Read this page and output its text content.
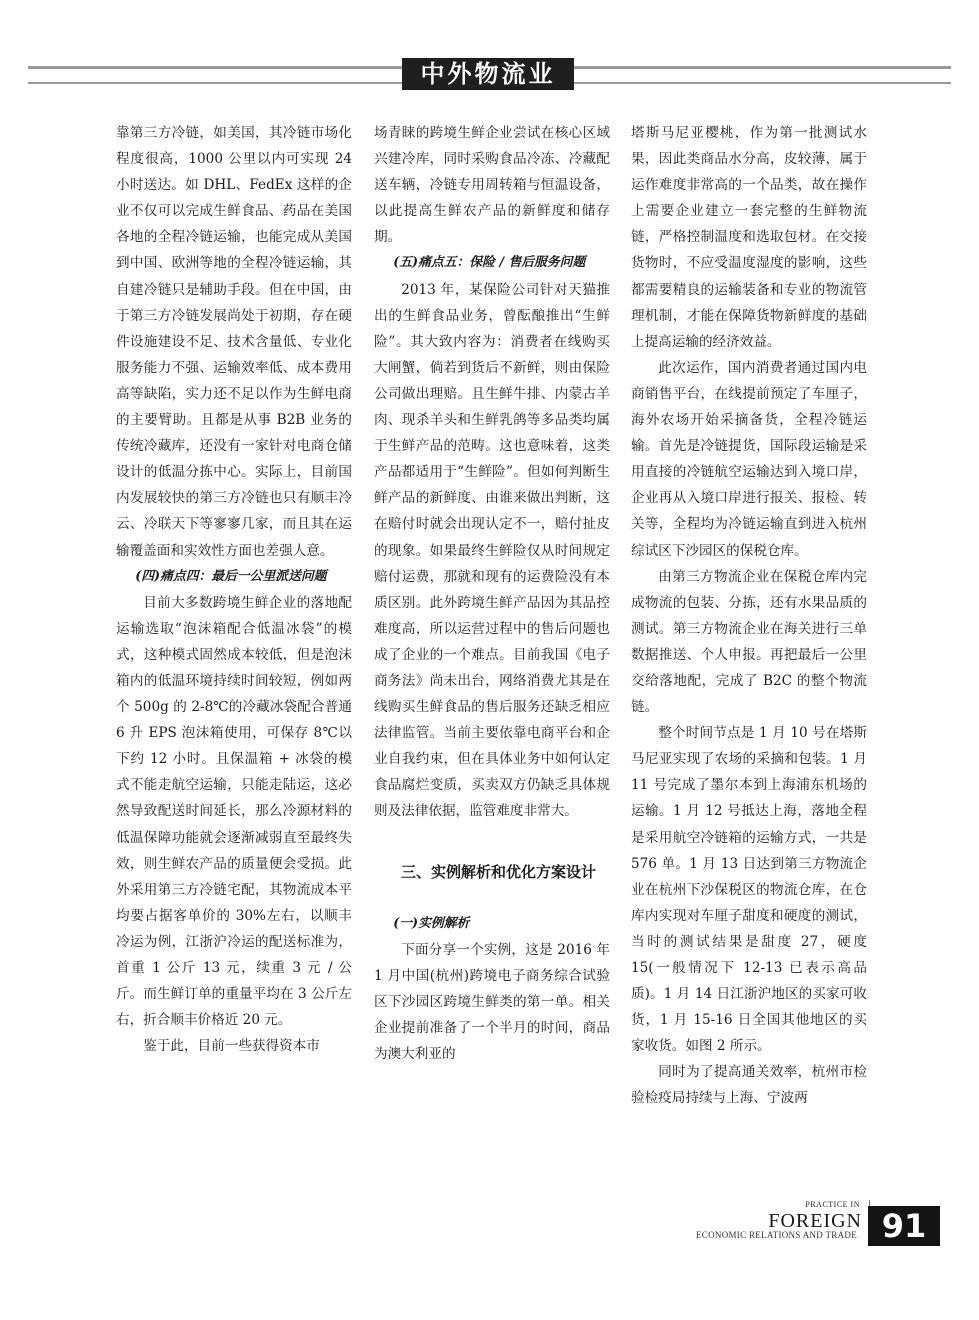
中外物流业

靠第三方冷链，如美国，其冷链市场化程度很高，1000 公里以内可实现 24 小时送达。如 DHL、FedEx 这样的企业不仅可以完成生鲜食品、药品在美国各地的全程冷链运输，也能完成从美国到中国、欧洲等地的全程冷链运输，其自建冷链只是辅助手段。但在中国，由于第三方冷链发展尚处于初期，存在硬件设施建设不足、技术含量低、专业化服务能力不强、运输效率低、成本费用高等缺陷，实力还不足以作为生鲜电商的主要臂助。且都是从事 B2B 业务的传统冷藏库，还没有一家针对电商仓储设计的低温分拣中心。实际上，目前国内发展较快的第三方冷链也只有顺丰冷云、冷联天下等寥寥几家，而且其在运输覆盖面和实效性方面也差强人意。

(四)痛点四：最后一公里派送问题

目前大多数跨境生鲜企业的落地配运输选取“泡沫箱配合低温冰袋”的模式，这种模式固然成本较低，但是泡沫箱内的低温环境持续时间较短，例如两个 500g 的 2-8℃的冷藏冰袋配合普通 6 升 EPS 泡沫箱使用，可保存 8℃以下约 12 小时。且保温箱 + 冰袋的模式不能走航空运输，只能走陆运，这必然导致配送时间延长，那么冷源材料的低温保障功能就会逐渐减弱直至最终失效，则生鲜农产品的质量便会受损。此外采用第三方冷链宅配，其物流成本平均要占据客单价的 30%左右，以顺丰冷运为例，江浙沪冷运的配送标准为，首重 1 公斤 13 元，续重 3 元 / 公斤。而生鲜订单的重量平均在 3 公斤左右，折合顺丰价格近 20 元。

鉴于此，目前一些获得资本市

场青睐的跨境生鲜企业尝试在核心区域兴建冷库，同时采购食品冷冻、冷藏配送车辆，冷链专用周转箱与恒温设备，以此提高生鲜农产品的新鲜度和储存期。

(五)痛点五：保险 / 售后服务问题

2013 年，某保险公司针对天猫推出的生鲜食品业务，曾酝酿推出“生鲜险”。其大致内容为：消费者在线购买大闸蟹，倘若到货后不新鲜，则由保险公司做出理赔。且生鲜牛排、内蒙古羊肉、现杀羊头和生鲜乳鸽等多品类均属于生鲜产品的范畴。这也意味着，这类产品都适用于“生鲜险”。但如何判断生鲜产品的新鲜度、由谁来做出判断，这在赔付时就会出现认定不一，赔付扯皮的现象。如果最终生鲜险仅从时间规定赔付运费，那就和现有的运费险没有本质区别。此外跨境生鲜产品因为其品控难度高，所以运营过程中的售后问题也成了企业的一个难点。目前我国《电子商务法》尚未出台，网络消费尤其是在线购买生鲜食品的售后服务还缺乏相应法律监管。当前主要依靠电商平台和企业自我约束，但在具体业务中如何认定食品腐烂变质，买卖双方仍缺乏具体规则及法律依据，监管难度非常大。

三、实例解析和优化方案设计

(一)实例解析

下面分享一个实例，这是 2016 年 1 月中国(杭州)跨境电子商务综合试验区下沙园区跨境生鲜类的第一单。相关企业提前准备了一个半月的时间，商品为澳大利亚的

塔斯马尼亚樱桃，作为第一批测试水果，因此类商品水分高，皮较薄，属于运作难度非常高的一个品类，故在操作上需要企业建立一套完整的生鲜物流链，严格控制温度和选取包材。在交接货物时，不应受温度湿度的影响，这些都需要精良的运输装备和专业的物流管理机制，才能在保障货物新鲜度的基础上提高运输的经济效益。

此次运作，国内消费者通过国内电商销售平台，在线提前预定了车厘子，海外农场开始采摘备货，全程冷链运输。首先是冷链提货，国际段运输是采用直接的冷链航空运输达到入境口岸，企业再从入境口岸进行报关、报检、转关等，全程均为冷链运输直到进入杭州综试区下沙园区的保税仓库。

由第三方物流企业在保税仓库内完成物流的包装、分拣，还有水果品质的测试。第三方物流企业在海关进行三单数据推送、个人申报。再把最后一公里交给落地配，完成了 B2C 的整个物流链。

整个时间节点是 1 月 10 号在塔斯马尼亚实现了农场的采摘和包装。1 月 11 号完成了墨尔本到上海浦东机场的运输。1 月 12 号抵达上海，落地全程是采用航空冷链箱的运输方式，一共是 576 单。1 月 13 日达到第三方物流企业在杭州下沙保税区的物流仓库，在仓库内实现对车厘子甜度和硬度的测试，当时的测试结果是甜度 27，硬度 15(一般情况下 12-13 已表示高品质)。1 月 14 日江浙沪地区的买家可收货，1 月 15-16 日全国其他地区的买家收货。如图 2 所示。

同时为了提高通关效率，杭州市检验检疫局持续与上海、宁波两

PRACTICE IN
FOREIGN
ECONOMIC RELATIONS AND TRADE 91
